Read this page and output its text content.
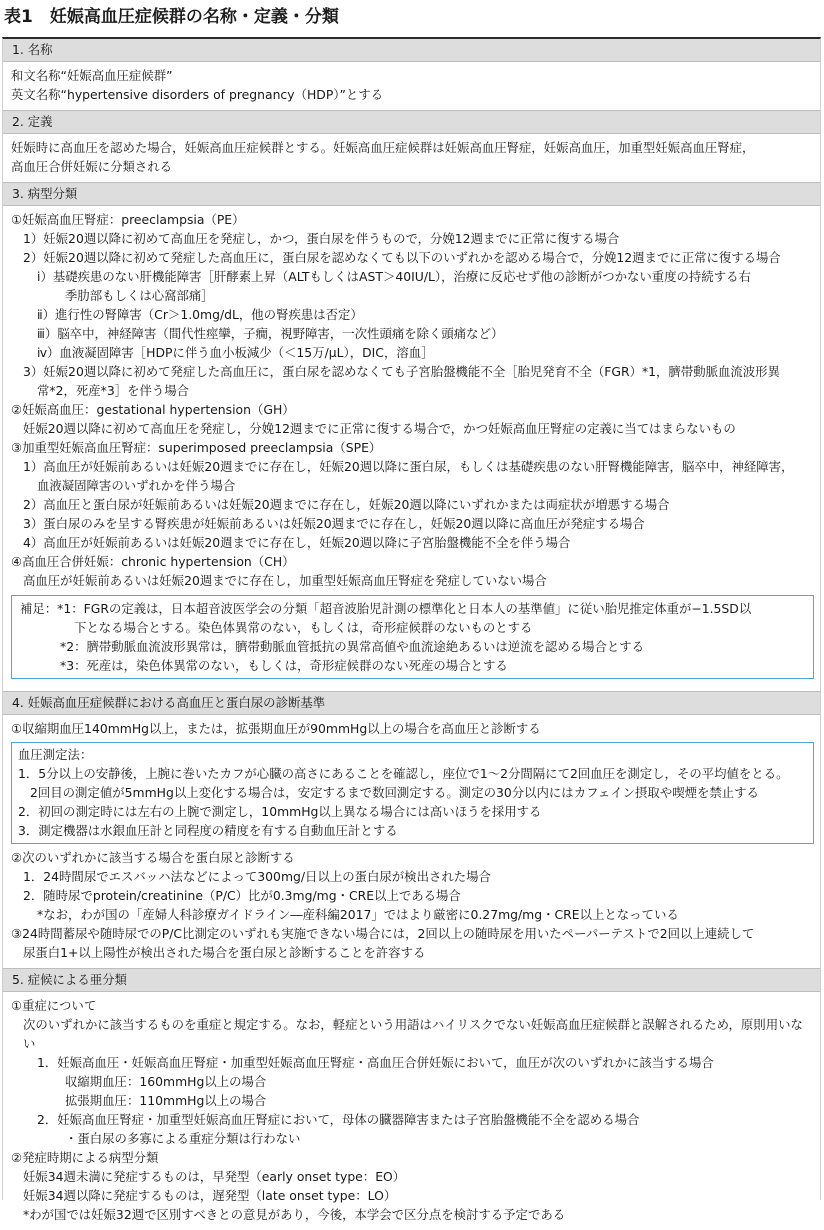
表1　妊娠高血圧症候群の名称・定義・分類
1. 名称
和文名称“妊娠高血圧症候群”
英文名称“hypertensive disorders of pregnancy（HDP）”とする
2. 定義
妊娠時に高血圧を認めた場合，妊娠高血圧症候群とする。妊娠高血圧症候群は妊娠高血圧腎症，妊娠高血圧，加重型妊娠高血圧腎症，
高血圧合併妊娠に分類される
3. 病型分類
①妊娠高血圧腎症：preeclampsia（PE）
1）妊娠20週以降に初めて高血圧を発症し，かつ，蛋白尿を伴うもので，分娩12週までに正常に復する場合
2）妊娠20週以降に初めて発症した高血圧に，蛋白尿を認めなくても以下のいずれかを認める場合で，分娩12週までに正常に復する場合
ⅰ）基礎疾患のない肝機能障害［肝酵素上昇（ALTもしくはAST＞40IU/L），治療に反応せず他の診断がつかない重度の持続する右
季肋部もしくは心窩部痛］
ⅱ）進行性の腎障害（Cr＞1.0mg/dL，他の腎疾患は否定）
ⅲ）脳卒中，神経障害（間代性痙攣，子癇，視野障害，一次性頭痛を除く頭痛など）
ⅳ）血液凝固障害［HDPに伴う血小板減少（＜15万/μL），DIC，溶血］
3）妊娠20週以降に初めて発症した高血圧に，蛋白尿を認めなくても子宮胎盤機能不全［胎児発育不全（FGR）*1，臍帯動脈血流波形異
常*2，死産*3］を伴う場合
②妊娠高血圧：gestational hypertension（GH）
妊娠20週以降に初めて高血圧を発症し，分娩12週までに正常に復する場合で，かつ妊娠高血圧腎症の定義に当てはまらないもの
③加重型妊娠高血圧腎症：superimposed preeclampsia（SPE）
1）高血圧が妊娠前あるいは妊娠20週までに存在し，妊娠20週以降に蛋白尿，もしくは基礎疾患のない肝腎機能障害，脳卒中，神経障害，
血液凝固障害のいずれかを伴う場合
2）高血圧と蛋白尿が妊娠前あるいは妊娠20週までに存在し，妊娠20週以降にいずれかまたは両症状が増悪する場合
3）蛋白尿のみを呈する腎疾患が妊娠前あるいは妊娠20週までに存在し，妊娠20週以降に高血圧が発症する場合
4）高血圧が妊娠前あるいは妊娠20週までに存在し，妊娠20週以降に子宮胎盤機能不全を伴う場合
④高血圧合併妊娠：chronic hypertension（CH）
高血圧が妊娠前あるいは妊娠20週までに存在し，加重型妊娠高血圧腎症を発症していない場合
補足：*1：FGRの定義は，日本超音波医学会の分類「超音波胎児計測の標準化と日本人の基準値」に従い胎児推定体重が−1.5SD以
下となる場合とする。染色体異常のない，もしくは，奇形症候群のないものとする
*2：臍帯動脈血流波形異常は，臍帯動脈血管抵抗の異常高値や血流途絶あるいは逆流を認める場合とする
*3：死産は，染色体異常のない，もしくは，奇形症候群のない死産の場合とする
4. 妊娠高血圧症候群における高血圧と蛋白尿の診断基準
①収縮期血圧140mmHg以上，または，拡張期血圧が90mmHg以上の場合を高血圧と診断する
血圧測定法：
1．5分以上の安静後，上腕に巻いたカフが心臓の高さにあることを確認し，座位で1～2分間隔にて2回血圧を測定し，その平均値をとる。
2回目の測定値が5mmHg以上変化する場合は，安定するまで数回測定する。測定の30分以内にはカフェイン摂取や喫煙を禁止する
2．初回の測定時には左右の上腕で測定し，10mmHg以上異なる場合には高いほうを採用する
3．測定機器は水銀血圧計と同程度の精度を有する自動血圧計とする
②次のいずれかに該当する場合を蛋白尿と診断する
1．24時間尿でエスバッハ法などによって300mg/日以上の蛋白尿が検出された場合
2．随時尿でprotein/creatinine（P/C）比が0.3mg/mg・CRE以上である場合
*なお，わが国の「産婦人科診療ガイドライン―産科編2017」ではより厳密に0.27mg/mg・CRE以上となっている
③24時間蓄尿や随時尿でのP/C比測定のいずれも実施できない場合には，2回以上の随時尿を用いたペーパーテストで2回以上連続して
尿蛋白1+以上陽性が検出された場合を蛋白尿と診断することを許容する
5. 症候による亜分類
①重症について
次のいずれかに該当するものを重症と規定する。なお，軽症という用語はハイリスクでない妊娠高血圧症候群と誤解されるため，原則用いな
い
1．妊娠高血圧・妊娠高血圧腎症・加重型妊娠高血圧腎症・高血圧合併妊娠において，血圧が次のいずれかに該当する場合
収縮期血圧：160mmHg以上の場合
拡張期血圧：110mmHg以上の場合
2．妊娠高血圧腎症・加重型妊娠高血圧腎症において，母体の臓器障害または子宮胎盤機能不全を認める場合
・蛋白尿の多寡による重症分類は行わない
②発症時期による病型分類
妊娠34週未満に発症するものは，早発型（early onset type：EO）
妊娠34週以降に発症するものは，遅発型（late onset type：LO）
*わが国では妊娠32週で区別すべきとの意見があり，今後，本学会で区分点を検討する予定である
